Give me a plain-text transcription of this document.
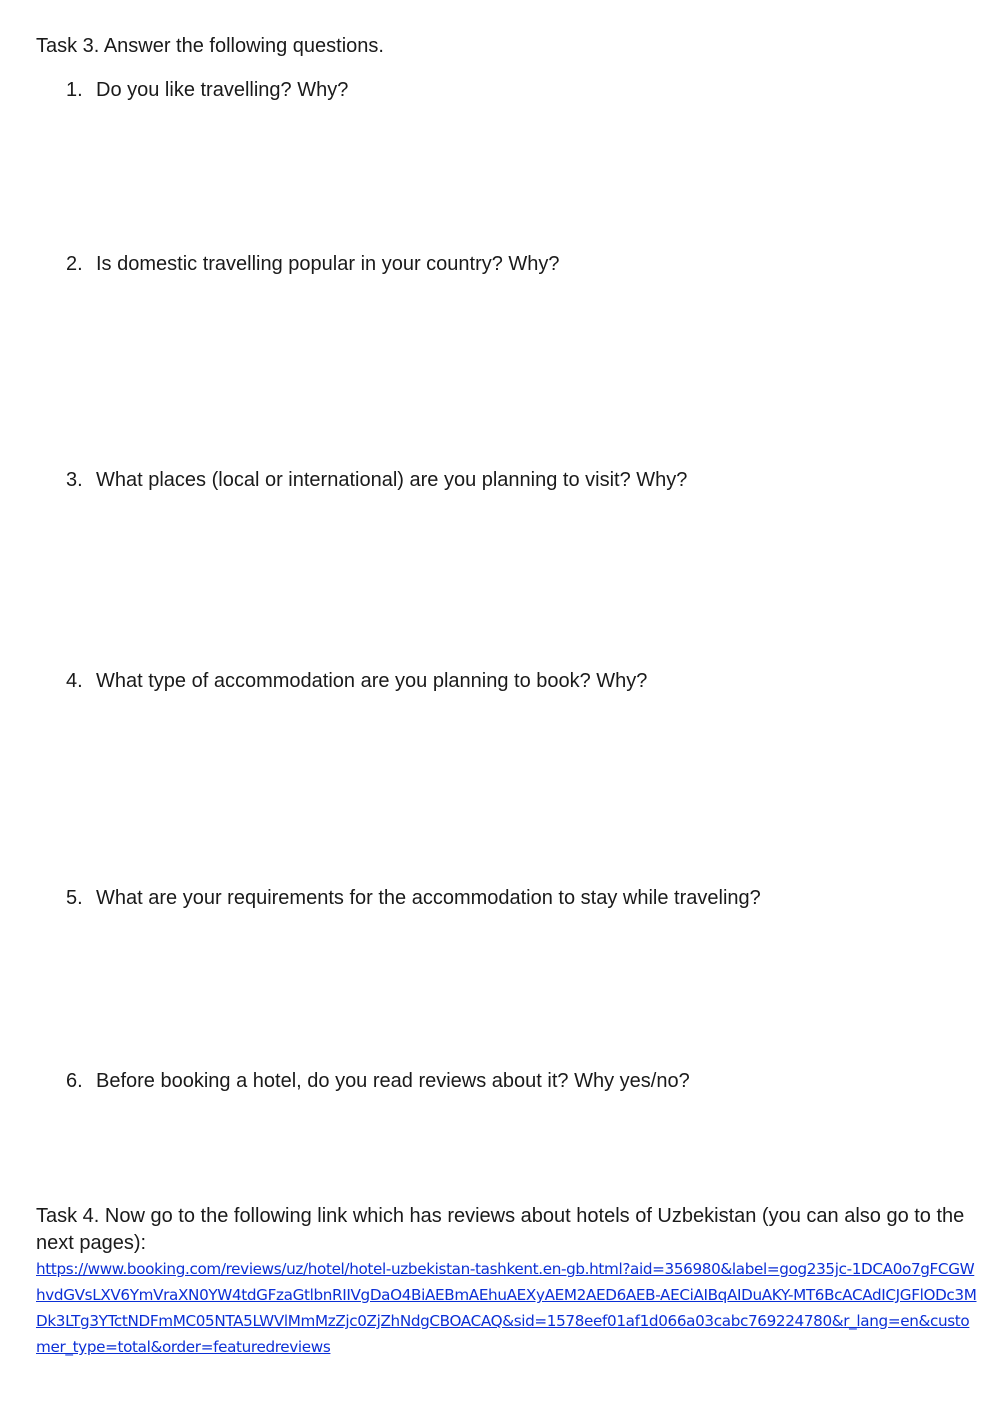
Task 3. Answer the following questions.
1. Do you like travelling? Why?
2. Is domestic travelling popular in your country? Why?
3. What places (local or international) are you planning to visit? Why?
4. What type of accommodation are you planning to book? Why?
5. What are your requirements for the accommodation to stay while traveling?
6. Before booking a hotel, do you read reviews about it? Why yes/no?

Task 4. Now go to the following link which has reviews about hotels of Uzbekistan (you can also go to the next pages):

https://www.booking.com/reviews/uz/hotel/hotel-uzbekistan-tashkent.en-gb.html?aid=356980&label=gog235jc-1DCA0o7gFCGWhvdGVsLXV6YmVraXN0YW4tdGFzaGtlbnRIIVgDaO4BiAEBmAEhuAEXyAEM2AED6AEB-AECiAIBqAIDuAKY-MT6BcACAdICJGFlODc3MDk3LTg3YTctNDFmMC05NTA5LWVlMmMzZjc0ZjZhNdgCBOACAQ&sid=1578eef01af1d066a03cabc769224780&r_lang=en&customer_type=total&order=featuredreviews
